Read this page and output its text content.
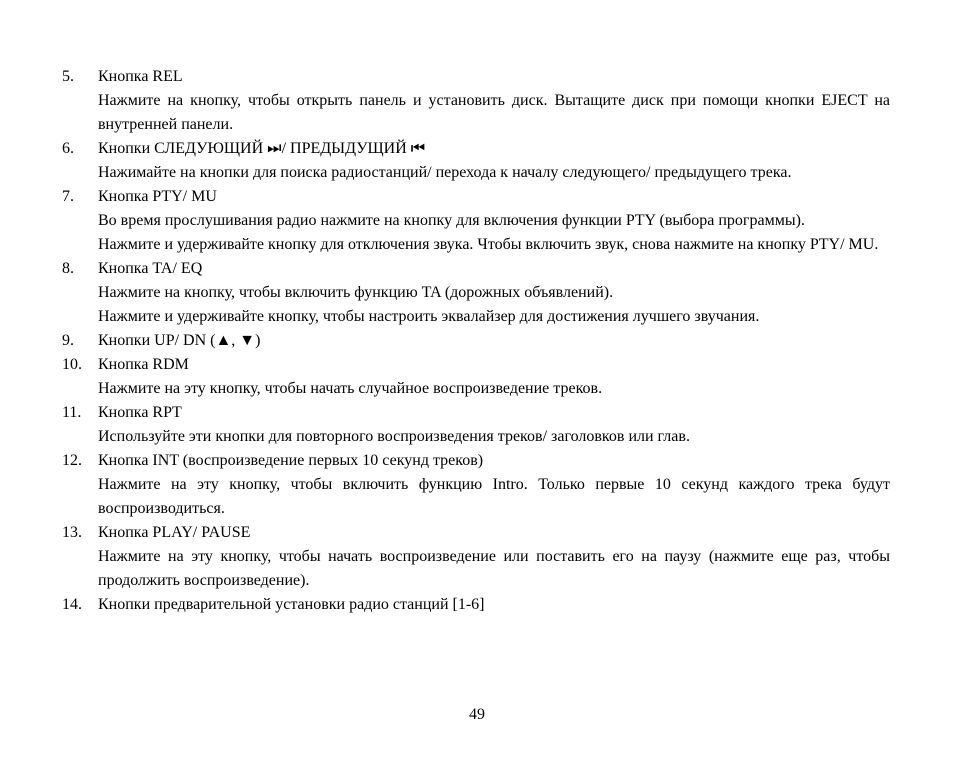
5.	Кнопка REL
Нажмите на кнопку, чтобы открыть панель и установить диск. Вытащите диск при помощи кнопки EJECT на внутренней панели.
6.	Кнопки СЛЕДУЮЩИЙ ⏭/ ПРЕДЫДУЩИЙ ⏮
Нажимайте на кнопки для поиска радиостанций/ перехода к началу следующего/ предыдущего трека.
7.	Кнопка PTY/ MU
Во время прослушивания радио нажмите на кнопку для включения функции PTY (выбора программы).
Нажмите и удерживайте кнопку для отключения звука. Чтобы включить звук, снова нажмите на кнопку PTY/ MU.
8.	Кнопка TA/ EQ
Нажмите на кнопку, чтобы включить функцию TA (дорожных объявлений).
Нажмите и удерживайте кнопку, чтобы настроить эквалайзер для достижения лучшего звучания.
9.	Кнопки UP/ DN (▲, ▼)
10.	Кнопка RDM
Нажмите на эту кнопку, чтобы начать случайное воспроизведение треков.
11.	Кнопка RPT
Используйте эти кнопки для повторного воспроизведения треков/ заголовков или глав.
12.	Кнопка INT (воспроизведение первых 10 секунд треков)
Нажмите на эту кнопку, чтобы включить функцию Intro. Только первые 10 секунд каждого трека будут воспроизводиться.
13.	Кнопка PLAY/ PAUSE
Нажмите на эту кнопку, чтобы начать воспроизведение или поставить его на паузу (нажмите еще раз, чтобы продолжить воспроизведение).
14.	Кнопки предварительной установки радио станций [1-6]
49
